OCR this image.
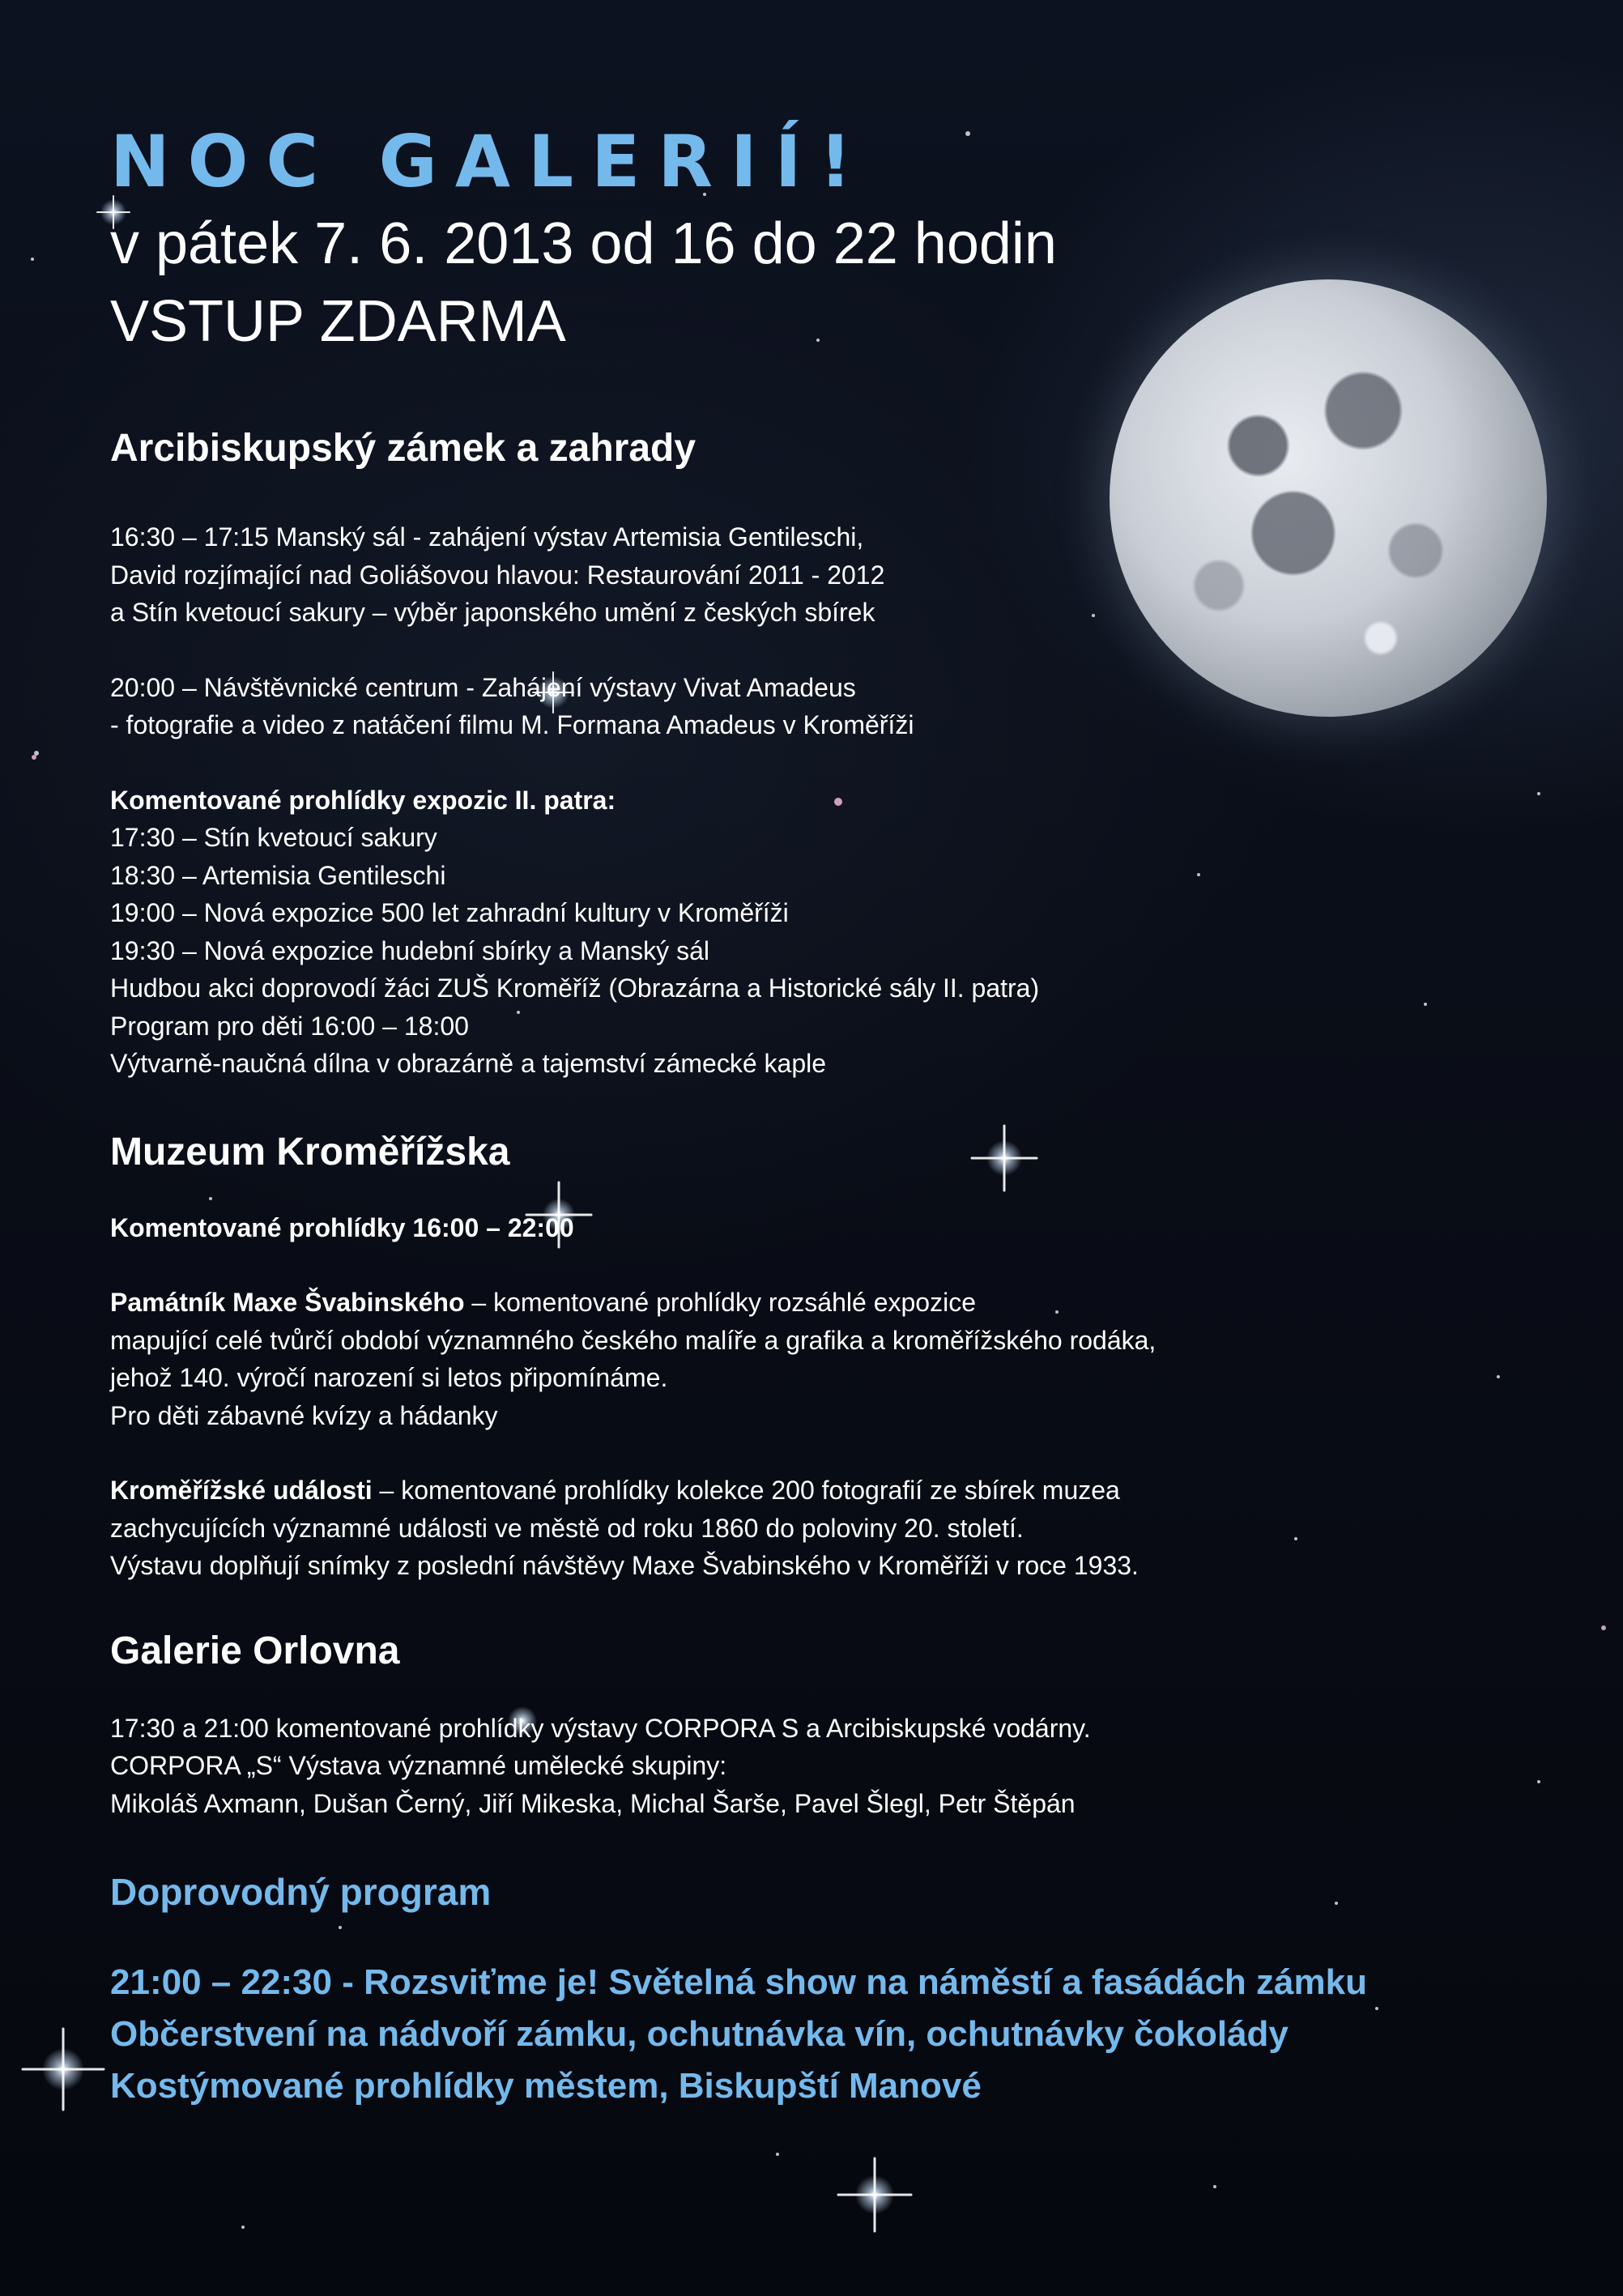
NOC GALERIÍ!
v pátek 7. 6. 2013 od 16 do 22 hodin
VSTUP ZDARMA
Arcibiskupský zámek a zahrady

16:30 – 17:15 Manský sál - zahájení výstav Artemisia Gentileschi,

David rozjímající nad Goliášovou hlavou: Restaurování 2011 - 2012

a Stín kvetoucí sakury – výběr japonského umění z českých sbírek

20:00 – Návštěvnické centrum - Zahájení výstavy Vivat Amadeus

- fotografie a video z natáčení filmu M. Formana Amadeus v Kroměříži

Komentované prohlídky expozic II. patra:

17:30 – Stín kvetoucí sakury

18:30 – Artemisia Gentileschi

19:00 – Nová expozice 500 let zahradní kultury v Kroměříži

19:30 – Nová expozice hudební sbírky a Manský sál

Hudbou akci doprovodí žáci ZUŠ Kroměříž (Obrazárna a Historické sály II. patra)

Program pro děti 16:00 – 18:00

Výtvarně-naučná dílna v obrazárně a tajemství zámecké kaple

Muzeum Kroměřížska

Komentované prohlídky 16:00 – 22:00

Památník Maxe Švabinského – komentované prohlídky rozsáhlé expozice

mapující celé tvůrčí období významného českého malíře a grafika a kroměřížského rodáka,

jehož 140. výročí narození si letos připomínáme.

Pro děti zábavné kvízy a hádanky

Kroměřížské události – komentované prohlídky kolekce 200 fotografií ze sbírek muzea

zachycujících významné události ve městě od roku 1860 do poloviny 20. století.

Výstavu doplňují snímky z poslední návštěvy Maxe Švabinského v Kroměříži v roce 1933.

Galerie Orlovna

17:30 a 21:00 komentované prohlídky výstavy CORPORA S a Arcibiskupské vodárny.

CORPORA „S“ Výstava významné umělecké skupiny:

Mikoláš Axmann, Dušan Černý, Jiří Mikeska, Michal Šarše, Pavel Šlegl, Petr Štěpán

Doprovodný program

21:00 – 22:30 - Rozsviťme je! Světelná show na náměstí a fasádách zámku

Občerstvení na nádvoří zámku, ochutnávka vín, ochutnávky čokolády

Kostýmované prohlídky městem, Biskupští Manové
